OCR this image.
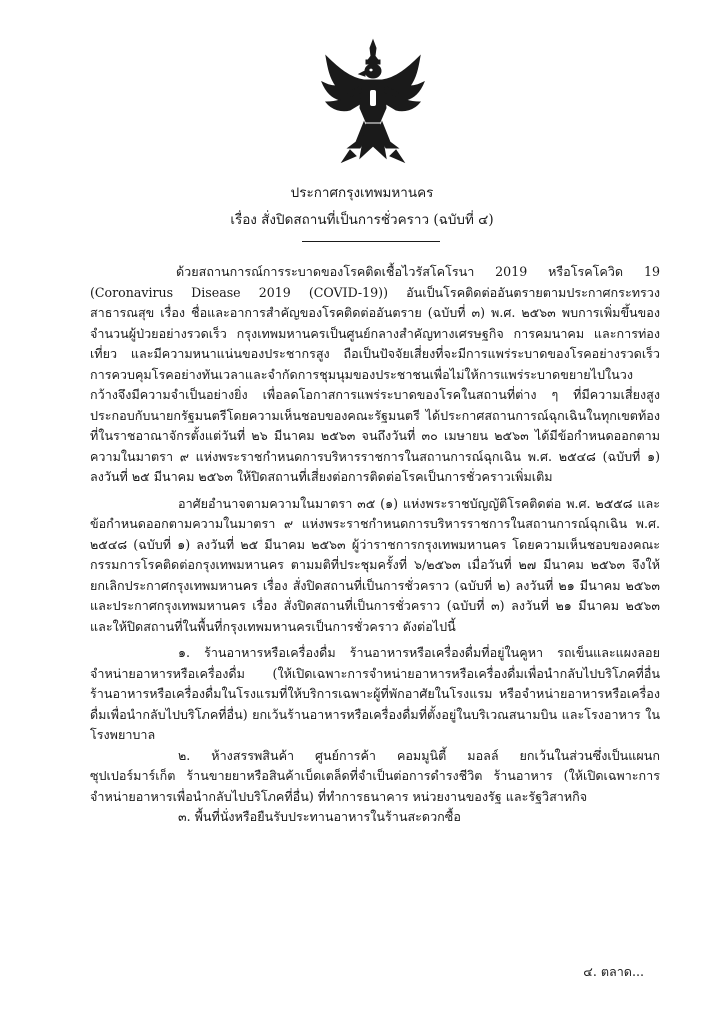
ประกาศกรุงเทพมหานคร
เรื่อง สั่งปิดสถานที่เป็นการชั่วคราว (ฉบับที่ ๔)

ด้วยสถานการณ์การระบาดของโรคติดเชื้อไวรัสโคโรนา 2019 หรือโรคโควิด 19 (Coronavirus Disease 2019 (COVID-19)) อันเป็นโรคติดต่ออันตรายตามประกาศกระทรวงสาธารณสุข เรื่อง ชื่อและอาการสำคัญของโรคติดต่ออันตราย (ฉบับที่ ๓) พ.ศ. ๒๕๖๓ พบการเพิ่มขึ้นของจำนวนผู้ป่วยอย่างรวดเร็ว กรุงเทพมหานครเป็นศูนย์กลางสำคัญทางเศรษฐกิจ การคมนาคม และการท่องเที่ยว และมีความหนาแน่นของประชากรสูง ถือเป็นปัจจัยเสี่ยงที่จะมีการแพร่ระบาดของโรคอย่างรวดเร็ว การควบคุมโรคอย่างทันเวลาและจำกัดการชุมนุมของประชาชนเพื่อไม่ให้การแพร่ระบาดขยายไปในวงกว้างจึงมีความจำเป็นอย่างยิ่ง เพื่อลดโอกาสการแพร่ระบาดของโรคในสถานที่ต่าง ๆ ที่มีความเสี่ยงสูง ประกอบกับนายกรัฐมนตรีโดยความเห็นชอบของคณะรัฐมนตรี ได้ประกาศสถานการณ์ฉุกเฉินในทุกเขตท้องที่ในราชอาณาจักรตั้งแต่วันที่ ๒๖ มีนาคม ๒๕๖๓ จนถึงวันที่ ๓๐ เมษายน ๒๕๖๓ ได้มีข้อกำหนดออกตามความในมาตรา ๙ แห่งพระราชกำหนดการบริหารราชการในสถานการณ์ฉุกเฉิน พ.ศ. ๒๕๔๘ (ฉบับที่ ๑) ลงวันที่ ๒๕ มีนาคม ๒๕๖๓ ให้ปิดสถานที่เสี่ยงต่อการติดต่อโรคเป็นการชั่วคราวเพิ่มเติม

อาศัยอำนาจตามความในมาตรา ๓๕ (๑) แห่งพระราชบัญญัติโรคติดต่อ พ.ศ. ๒๕๕๘ และข้อกำหนดออกตามความในมาตรา ๙ แห่งพระราชกำหนดการบริหารราชการในสถานการณ์ฉุกเฉิน พ.ศ. ๒๕๔๘ (ฉบับที่ ๑) ลงวันที่ ๒๕ มีนาคม ๒๕๖๓ ผู้ว่าราชการกรุงเทพมหานคร โดยความเห็นชอบของคณะกรรมการโรคติดต่อกรุงเทพมหานคร ตามมติที่ประชุมครั้งที่ ๖/๒๕๖๓ เมื่อวันที่ ๒๗ มีนาคม ๒๕๖๓ จึงให้ยกเลิกประกาศกรุงเทพมหานคร เรื่อง สั่งปิดสถานที่เป็นการชั่วคราว (ฉบับที่ ๒) ลงวันที่ ๒๑ มีนาคม ๒๕๖๓ และประกาศกรุงเทพมหานคร เรื่อง สั่งปิดสถานที่เป็นการชั่วคราว (ฉบับที่ ๓) ลงวันที่ ๒๑ มีนาคม ๒๕๖๓ และให้ปิดสถานที่ในพื้นที่กรุงเทพมหานครเป็นการชั่วคราว ดังต่อไปนี้

๑. ร้านอาหารหรือเครื่องดื่ม ร้านอาหารหรือเครื่องดื่มที่อยู่ในคูหา รถเข็นและแผงลอยจำหน่ายอาหารหรือเครื่องดื่ม (ให้เปิดเฉพาะการจำหน่ายอาหารหรือเครื่องดื่มเพื่อนำกลับไปบริโภคที่อื่น ร้านอาหารหรือเครื่องดื่มในโรงแรมที่ให้บริการเฉพาะผู้ที่พักอาศัยในโรงแรม หรือจำหน่ายอาหารหรือเครื่องดื่มเพื่อนำกลับไปบริโภคที่อื่น) ยกเว้นร้านอาหารหรือเครื่องดื่มที่ตั้งอยู่ในบริเวณสนามบิน และโรงอาหาร ในโรงพยาบาล

๒. ห้างสรรพสินค้า ศูนย์การค้า คอมมูนิตี้ มอลล์ ยกเว้นในส่วนซึ่งเป็นแผนกซุปเปอร์มาร์เก็ต ร้านขายยาหรือสินค้าเบ็ดเตล็ดที่จำเป็นต่อการดำรงชีวิต ร้านอาหาร (ให้เปิดเฉพาะการจำหน่ายอาหารเพื่อนำกลับไปบริโภคที่อื่น) ที่ทำการธนาคาร หน่วยงานของรัฐ และรัฐวิสาหกิจ

๓. พื้นที่นั่งหรือยืนรับประทานอาหารในร้านสะดวกซื้อ

๔. ตลาด...
